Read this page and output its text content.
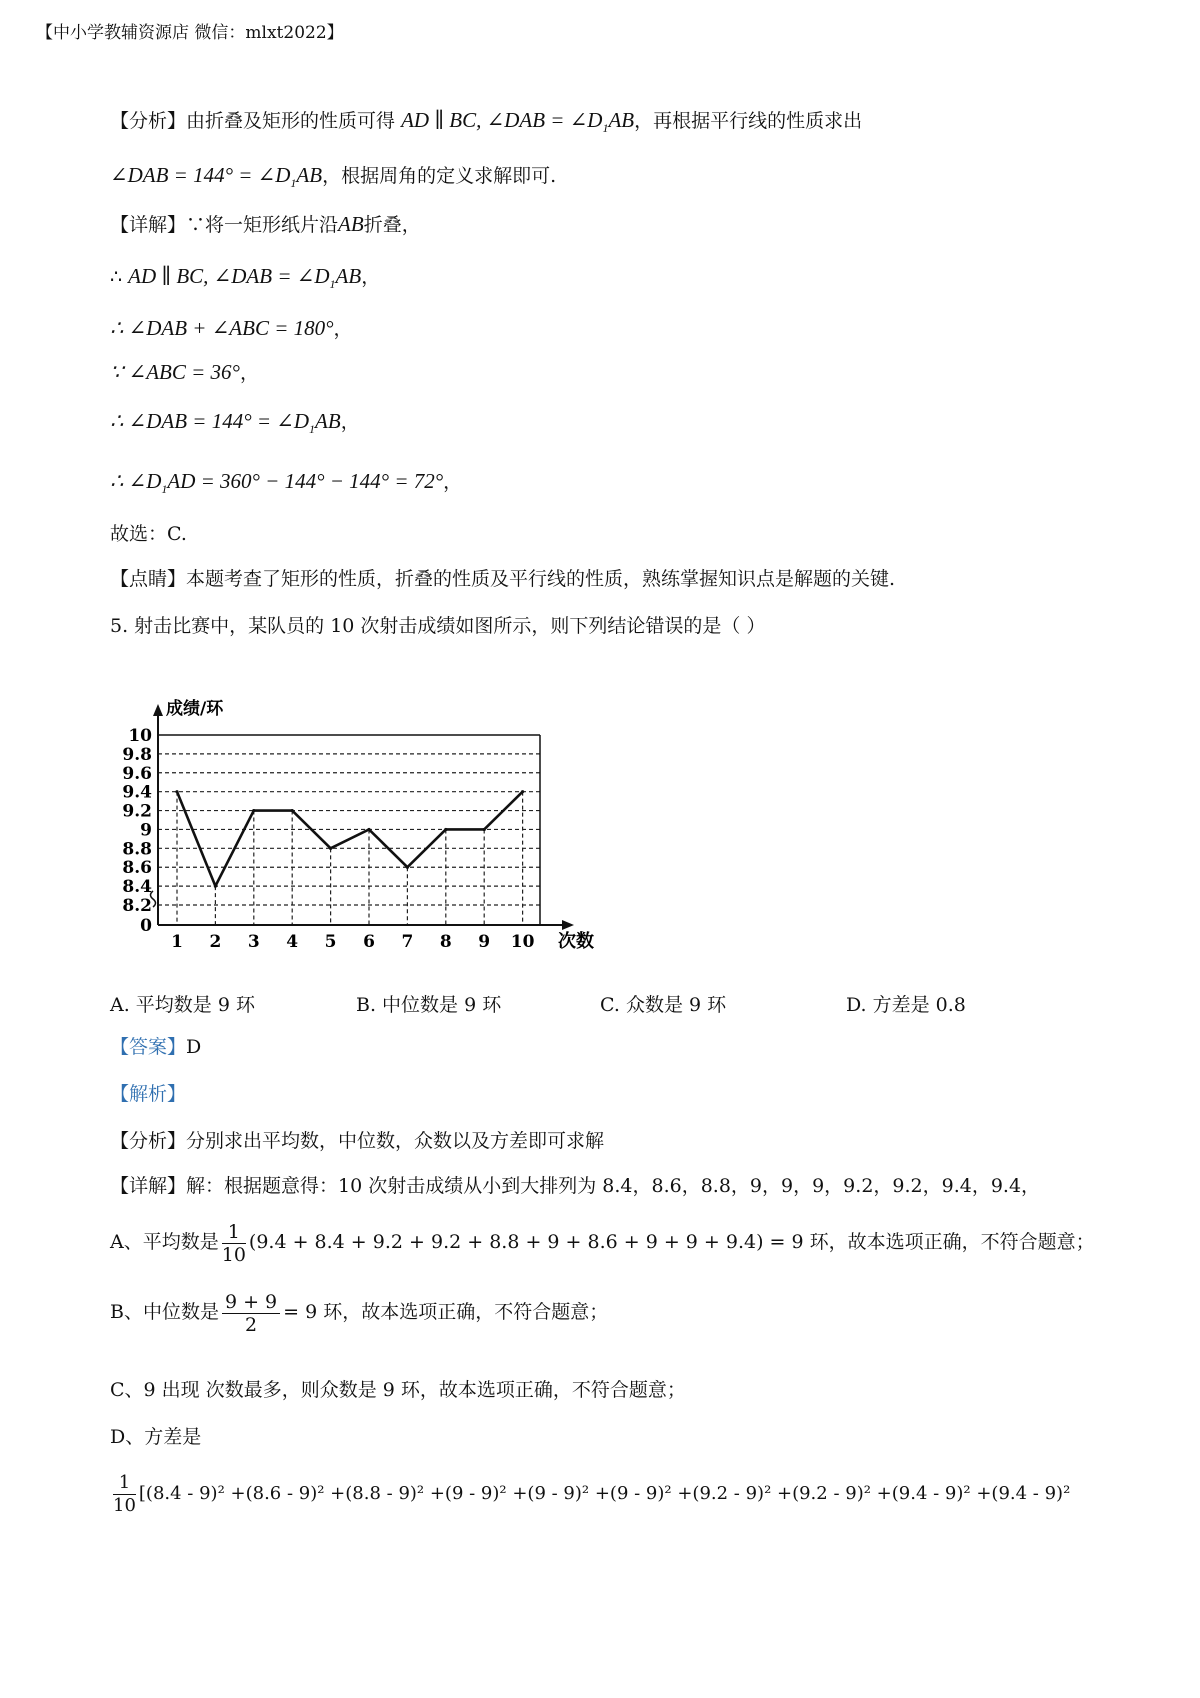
【中小学教辅资源店 微信：mlxt2022】
【分析】由折叠及矩形的性质可得 AD ∥ BC, ∠DAB = $\angle D_1AB$，再根据平行线的性质求出
∠DAB = $144^\circ = \angle D_1AB$，根据周角的定义求解即可.
【详解】∵将一矩形纸片沿AB折叠，
∴ AD ∥ BC, ∠DAB = $\angle D_1AB$，
∴ ∠DAB + ∠ABC = 180°，
∵ ∠ABC = 36°，
∴ ∠DAB = $144^\circ = \angle D_1AB$，
∴ $\angle D_1AD = 360^\circ - 144^\circ - 144^\circ = 72^\circ$，
故选：C.
【点睛】本题考查了矩形的性质，折叠的性质及平行线的性质，熟练掌握知识点是解题的关键.
5. 射击比赛中，某队员的 10 次射击成绩如图所示，则下列结论错误的是（ ）
0
8.2
8.4
8.6
8.8
9
9.2
9.4
9.6
9.8
10
1 2 3 4 5 6 7 8 9 10
成绩/环
次数
A. 平均数是 9 环	B. 中位数是 9 环	C. 众数是 9 环	D. 方差是 0.8
【答案】D
【解析】
【分析】分别求出平均数，中位数，众数以及方差即可求解
【详解】解：根据题意得：10 次射击成绩从小到大排列为 8.4，8.6，8.8，9，9，9，9.2，9.2，9.4，9.4，
A、平均数是 $\frac{1}{10} (9.4 + 8.4 + 9.2 + 9.2 + 8.8 + 9 + 8.6 + 9 + 9 + 9.4) = 9$ 环，故本选项正确，不符合题意；
B、中位数是 $\frac{9 + 9}{2} = 9$ 环，故本选项正确，不符合题意；
C、9 出现 次数最多，则众数是 9 环，故本选项正确，不符合题意；
D、方差是
$\frac{1}{10} [(8.4 - 9)^2 +(8.6 - 9)^2 +(8.8 - 9)^2 +(9 - 9)^2 +(9 - 9)^2 +(9 - 9)^2 +(9.2 - 9)^2 +(9.2 - 9)^2 +(9.4 - 9)^2 +(9.4 - 9)^2$
